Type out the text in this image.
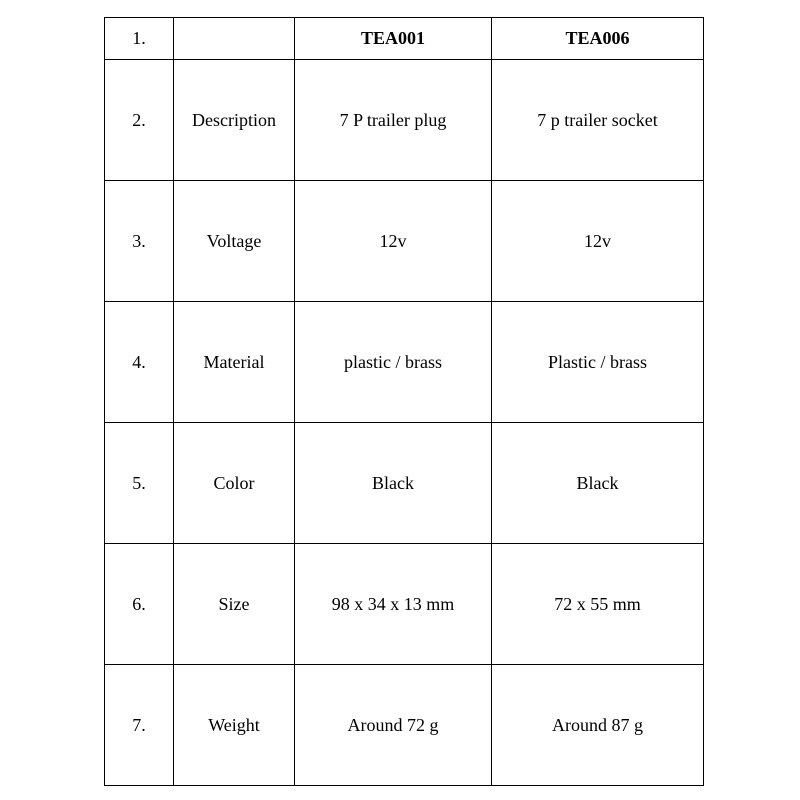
1.		TEA001	TEA006
2.	Description	7 P trailer plug	7 p trailer socket
3.	Voltage	12v	12v
4.	Material	plastic / brass	Plastic / brass
5.	Color	Black	Black
6.	Size	98 x 34 x 13 mm	72 x 55 mm
7.	Weight	Around 72 g	Around 87 g
